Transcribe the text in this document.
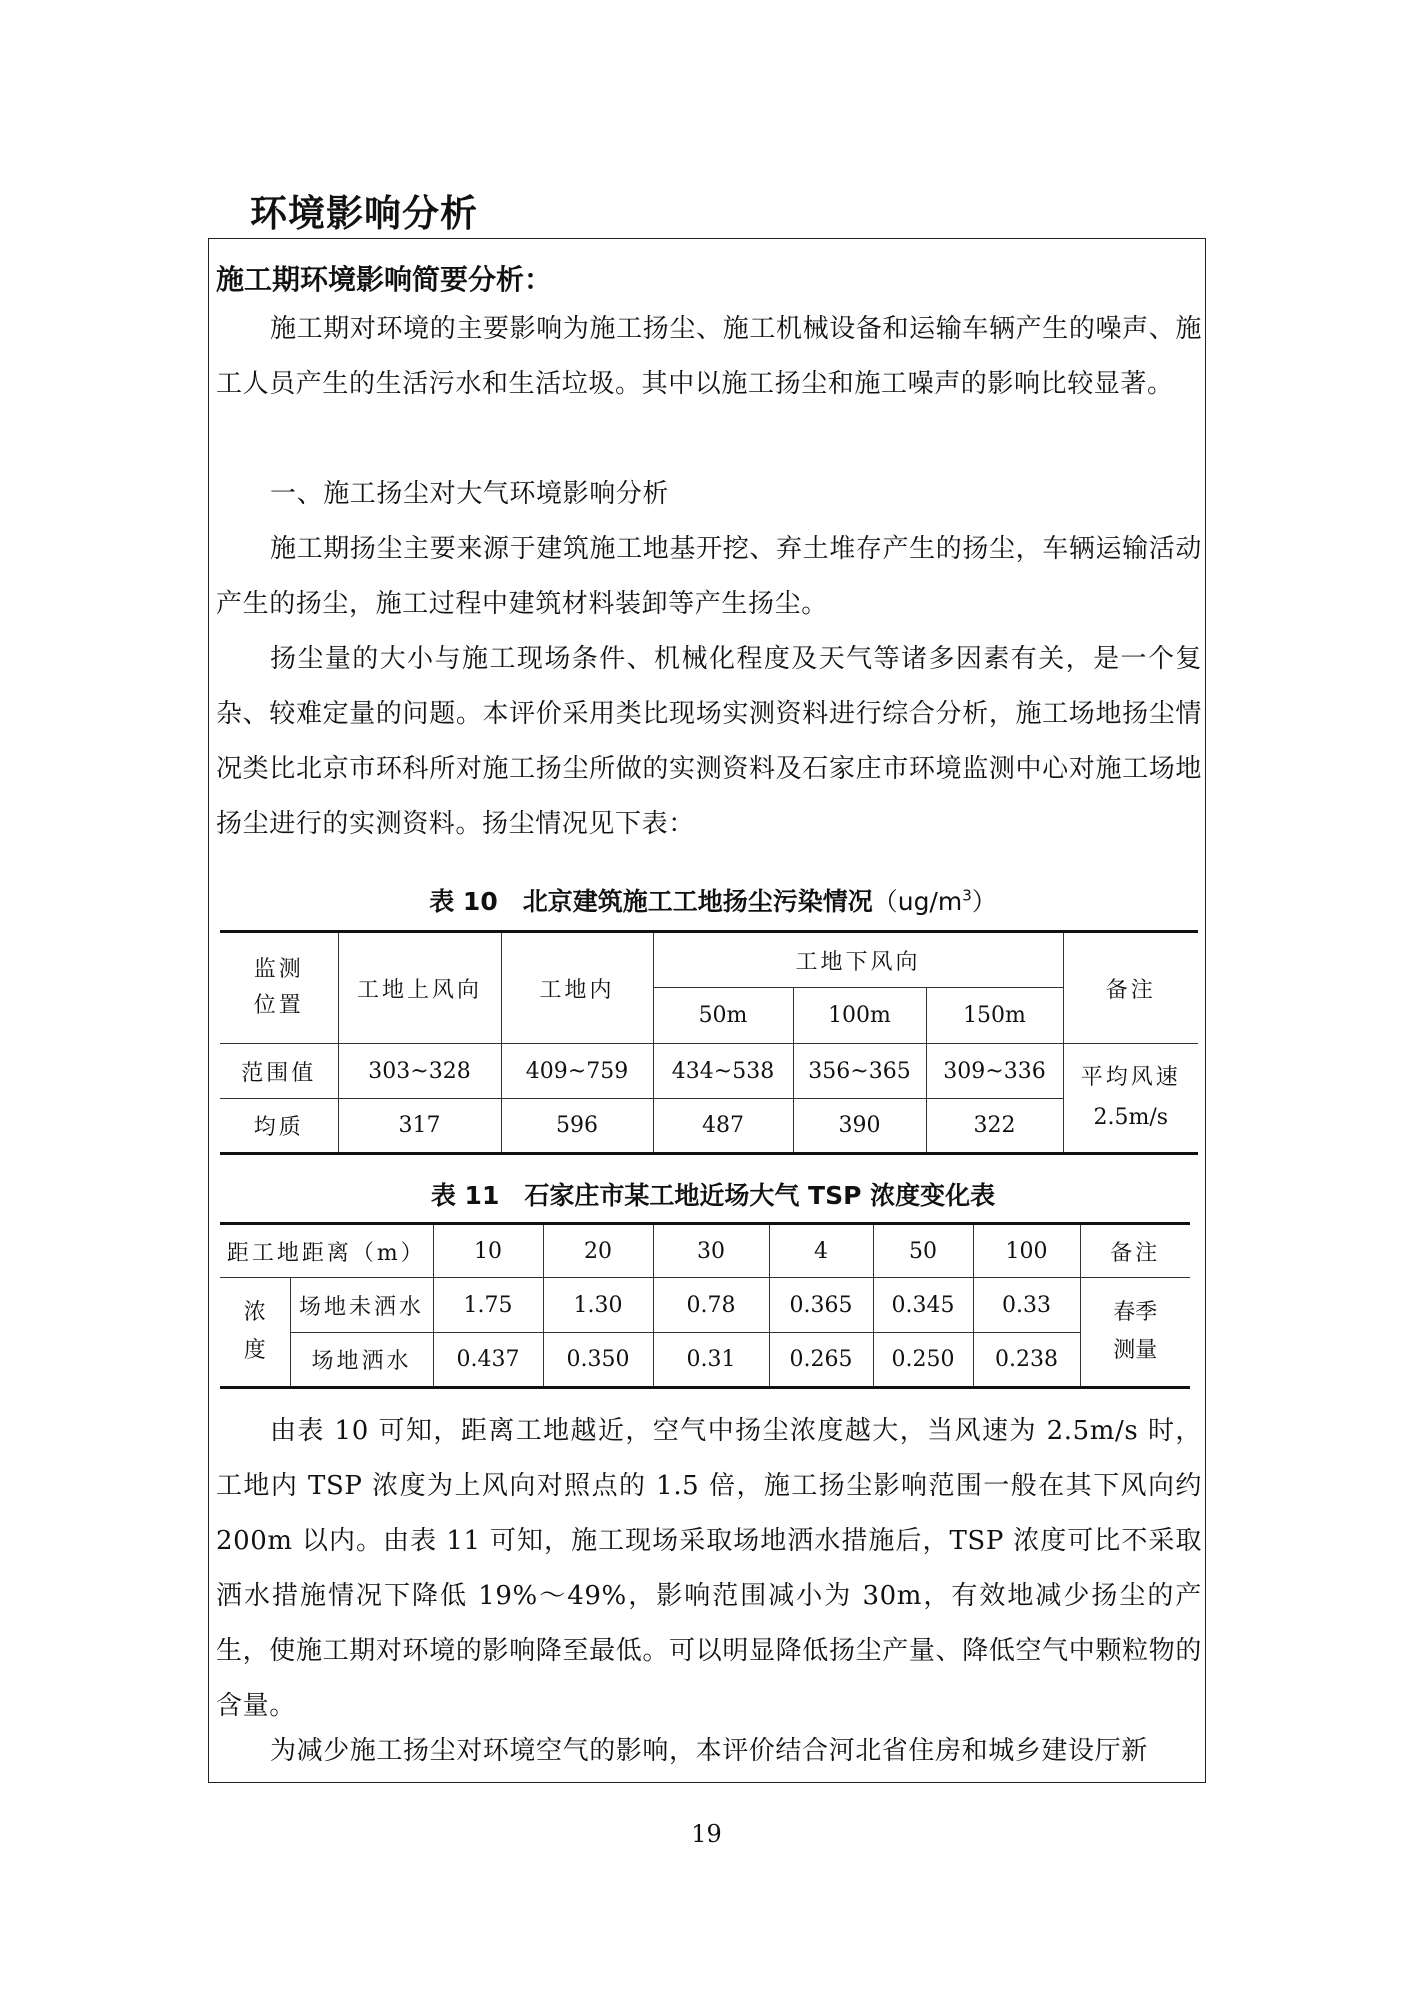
环境影响分析
施工期环境影响简要分析：

施工期对环境的主要影响为施工扬尘、施工机械设备和运输车辆产生的噪声、施工人员产生的生活污水和生活垃圾。其中以施工扬尘和施工噪声的影响比较显著。

一、施工扬尘对大气环境影响分析

施工期扬尘主要来源于建筑施工地基开挖、弃土堆存产生的扬尘，车辆运输活动产生的扬尘，施工过程中建筑材料装卸等产生扬尘。

扬尘量的大小与施工现场条件、机械化程度及天气等诸多因素有关，是一个复杂、较难定量的问题。本评价采用类比现场实测资料进行综合分析，施工场地扬尘情况类比北京市环科所对施工扬尘所做的实测资料及石家庄市环境监测中心对施工场地扬尘进行的实测资料。扬尘情况见下表：

表 10　北京建筑施工工地扬尘污染情况$(ug/m^3)$

监测位置	工地上风向	工地内	工地下风向			备注
			50m	100m	150m	
范围值	303~328	409~759	434~538	356~365	309~336	平均风速
2.5m/s

均质	317	596	487	390	322	

表 11　石家庄市某工地近场大气 TSP 浓度变化表

距工地距离（m）		10	20	30	4	50	100	备注
浓度	场地未洒水	1.75	1.30	0.78	0.365	0.345	0.33	春季测量
	场地洒水	0.437	0.350	0.31	0.265	0.250	0.238	

由表 10 可知，距离工地越近，空气中扬尘浓度越大，当风速为 2.5m/s 时，工地内 TSP 浓度为上风向对照点的 1.5 倍，施工扬尘影响范围一般在其下风向约 200m 以内。由表 11 可知，施工现场采取场地洒水措施后，TSP 浓度可比不采取洒水措施情况下降低 19%～49%，影响范围减小为 30m，有效地减少扬尘的产生，使施工期对环境的影响降至最低。可以明显降低扬尘产量、降低空气中颗粒物的含量。

为减少施工扬尘对环境空气的影响，本评价结合河北省住房和城乡建设厅新

19
